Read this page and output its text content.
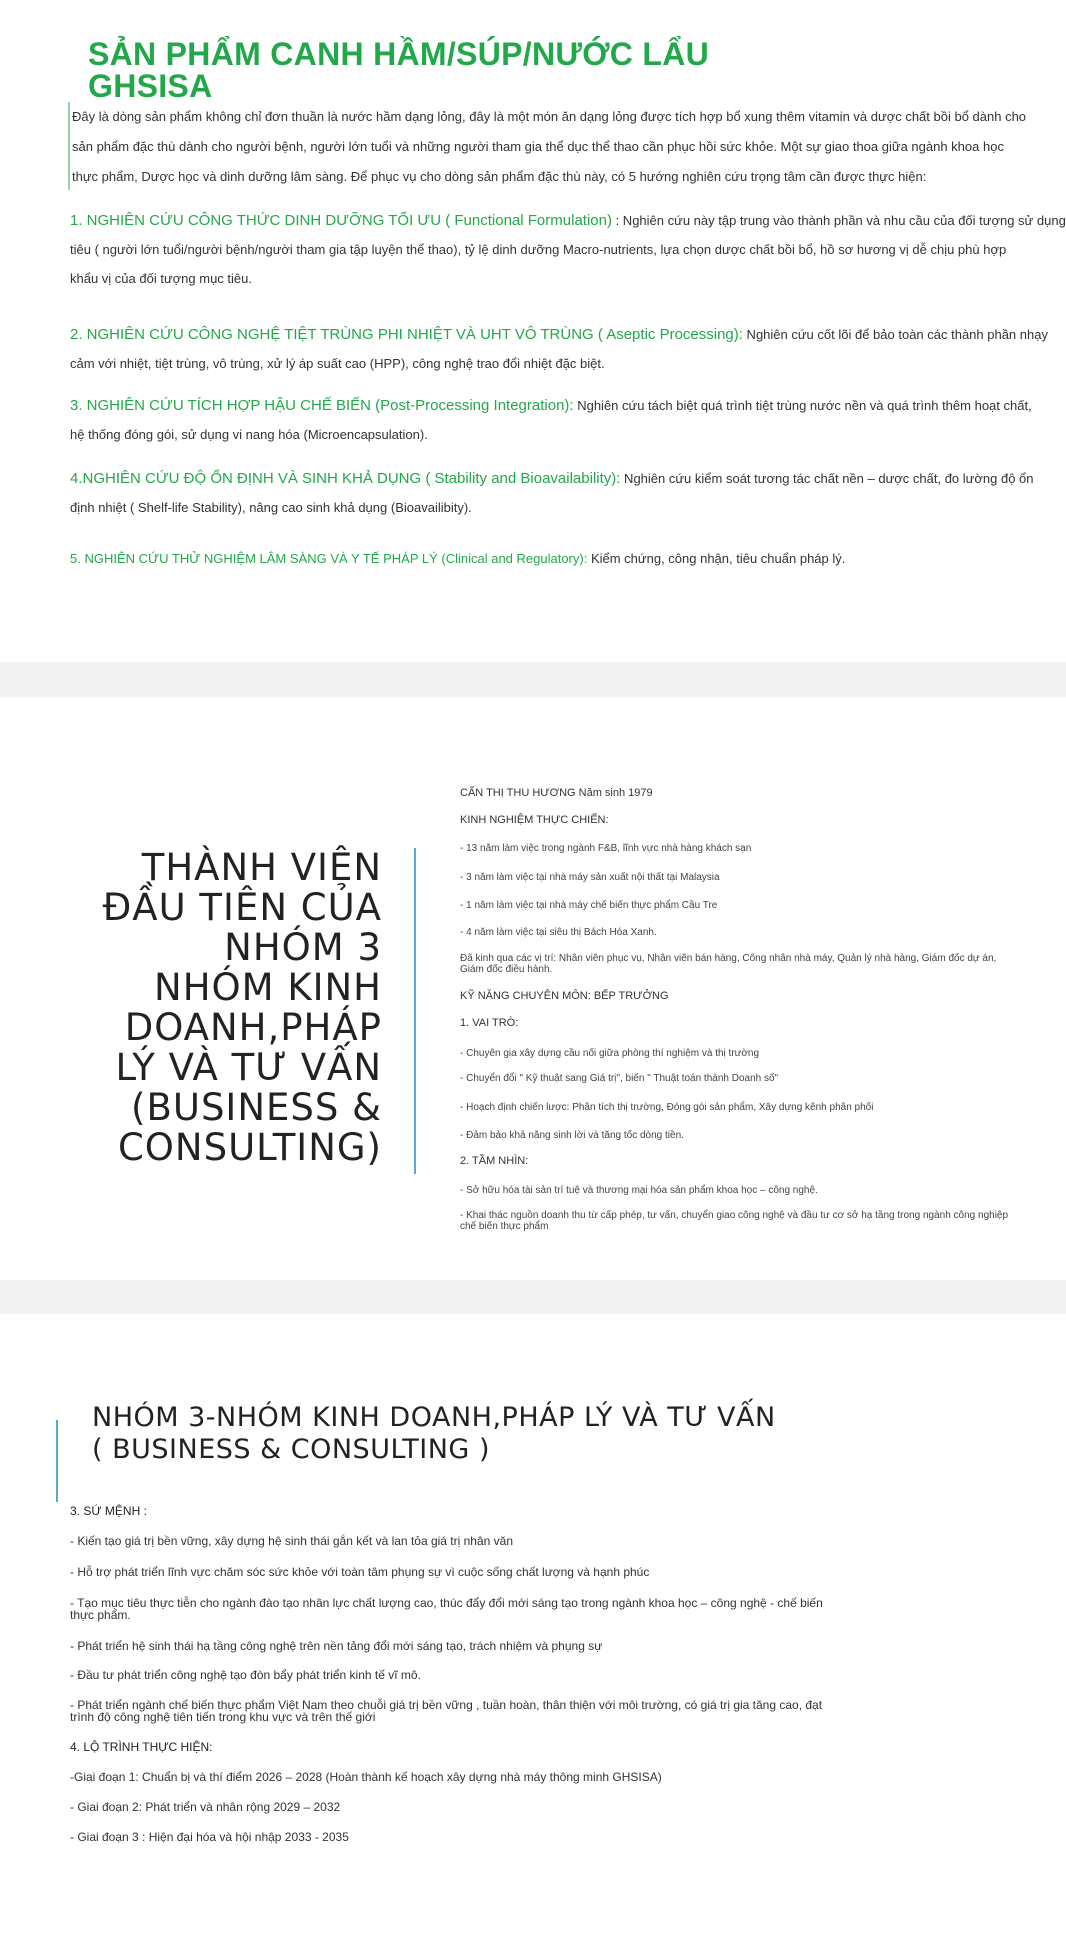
SẢN PHẨM CANH HẦM/SÚP/NƯỚC LẨU
GHSISA
Đây là dòng sản phẩm không chỉ đơn thuần là nước hầm dạng lỏng, đây là một món ăn dạng lỏng được tích hợp bổ xung thêm vitamin và dược chất bồi bổ dành cho
sản phẩm đặc thù dành cho người bệnh, người lớn tuổi và những người tham gia thể dục thể thao cần phục hồi sức khỏe. Một sự giao thoa giữa ngành khoa học
thực phẩm, Dược học và dinh dưỡng lâm sàng. Để phục vụ cho dòng sản phẩm đặc thù này, có 5 hướng nghiên cứu trọng tâm cần được thực hiện:
1. NGHIÊN CỨU CÔNG THỨC DINH DƯỠNG TỐI ƯU ( Functional Formulation) : Nghiên cứu này tập trung vào thành phần và nhu cầu của đối tượng sử dụng
tiêu ( người lớn tuổi/người bệnh/người tham gia tập luyện thể thao), tỷ lệ dinh dưỡng Macro-nutrients, lựa chọn dược chất bồi bổ, hồ sơ hương vị dễ chịu phù hợp
khẩu vị của đối tượng mục tiêu.
2. NGHIÊN CỨU CÔNG NGHỆ TIỆT TRÙNG PHI NHIỆT VÀ UHT VÔ TRÙNG ( Aseptic Processing): Nghiên cứu cốt lõi để bảo toàn các thành phần nhạy
cảm với nhiệt, tiệt trùng, vô trùng, xử lý áp suất cao (HPP), công nghệ trao đổi nhiệt đặc biệt.
3. NGHIÊN CỨU TÍCH HỢP HẬU CHẾ BIẾN (Post-Processing Integration): Nghiên cứu tách biệt quá trình tiệt trùng nước nền và quá trình thêm hoạt chất,
hệ thống đóng gói, sử dụng vi nang hóa (Microencapsulation).
4.NGHIÊN CỨU ĐỘ ỔN ĐỊNH VÀ SINH KHẢ DỤNG ( Stability and Bioavailability): Nghiên cứu kiểm soát tương tác chất nền – dược chất, đo lường độ ổn
định nhiệt ( Shelf-life Stability), nâng cao sinh khả dụng (Bioavailibity).
5. NGHIÊN CỨU THỬ NGHIỆM LÂM SÀNG VÀ Y TẾ PHÁP LÝ (Clinical and Regulatory): Kiểm chứng, công nhận, tiêu chuẩn pháp lý.
THÀNH VIÊN
ĐẦU TIÊN CỦA
NHÓM 3
NHÓM KINH
DOANH,PHÁP
LÝ VÀ TƯ VẤN
(BUSINESS &
CONSULTING)
CẤN THỊ THU HƯƠNG Năm sinh 1979
KINH NGHIỆM THỰC CHIẾN:
- 13 năm làm việc trong ngành F&B, lĩnh vực nhà hàng khách sạn
- 3 năm làm việc tại nhà máy sản xuất nội thất tại Malaysia
- 1 năm làm việc tại nhà máy chế biến thực phẩm Cầu Tre
- 4 năm làm việc tại siêu thị Bách Hóa Xanh.
Đã kinh qua các vị trí: Nhân viên phục vụ, Nhân viên bán hàng, Công nhân nhà máy, Quản lý nhà hàng, Giám đốc dự án,
Giám đốc điều hành.
KỸ NĂNG CHUYÊN MÔN: BẾP TRƯỞNG
1. VAI TRÒ:
- Chuyên gia xây dựng cầu nối giữa phòng thí nghiệm và thị trường
- Chuyển đổi " Kỹ thuật sang Giá trị", biến " Thuật toán thành Doanh số"
- Hoạch định chiến lược: Phân tích thị trường, Đóng gói sản phẩm, Xây dựng kênh phân phối
- Đảm bảo khả năng sinh lời và tăng tốc dòng tiền.
2. TẦM NHÌN:
- Sở hữu hóa tài sản trí tuệ và thương mại hóa sản phẩm khoa học – công nghệ.
- Khai thác nguồn doanh thu từ cấp phép, tư vấn, chuyển giao công nghệ và đầu tư cơ sở hạ tầng trong ngành công nghiệp
chế biến thực phẩm
NHÓM 3-NHÓM KINH DOANH,PHÁP LÝ VÀ TƯ VẤN
( BUSINESS & CONSULTING )
3. SỨ MỆNH :
- Kiến tạo giá trị bền vững, xây dựng hệ sinh thái gắn kết và lan tỏa giá trị nhân văn
- Hỗ trợ phát triển lĩnh vực chăm sóc sức khỏe với toàn tâm phụng sự vì cuộc sống chất lượng và hạnh phúc
- Tạo mục tiêu thực tiễn cho ngành đào tạo nhân lực chất lượng cao, thúc đẩy đổi mới sáng tạo trong ngành khoa học – công nghệ - chế biến
thực phẩm.
- Phát triển hệ sinh thái hạ tầng công nghệ trên nền tảng đổi mới sáng tạo, trách nhiệm và phụng sự
- Đầu tư phát triển công nghệ tạo đòn bẩy phát triển kinh tế vĩ mô.
- Phát triển ngành chế biến thực phẩm Việt Nam theo chuỗi giá trị bền vững , tuần hoàn, thân thiện với môi trường, có giá trị gia tăng cao, đạt
trình độ công nghệ tiên tiến trong khu vực và trên thế giới
4. LỘ TRÌNH THỰC HIỆN:
-Giai đoạn 1: Chuẩn bị và thí điểm 2026 – 2028 (Hoàn thành kế hoạch xây dựng nhà máy thông minh GHSISA)
- Giai đoạn 2: Phát triển và nhân rộng 2029 – 2032
- Giai đoạn 3 : Hiện đại hóa và hội nhập 2033 - 2035
